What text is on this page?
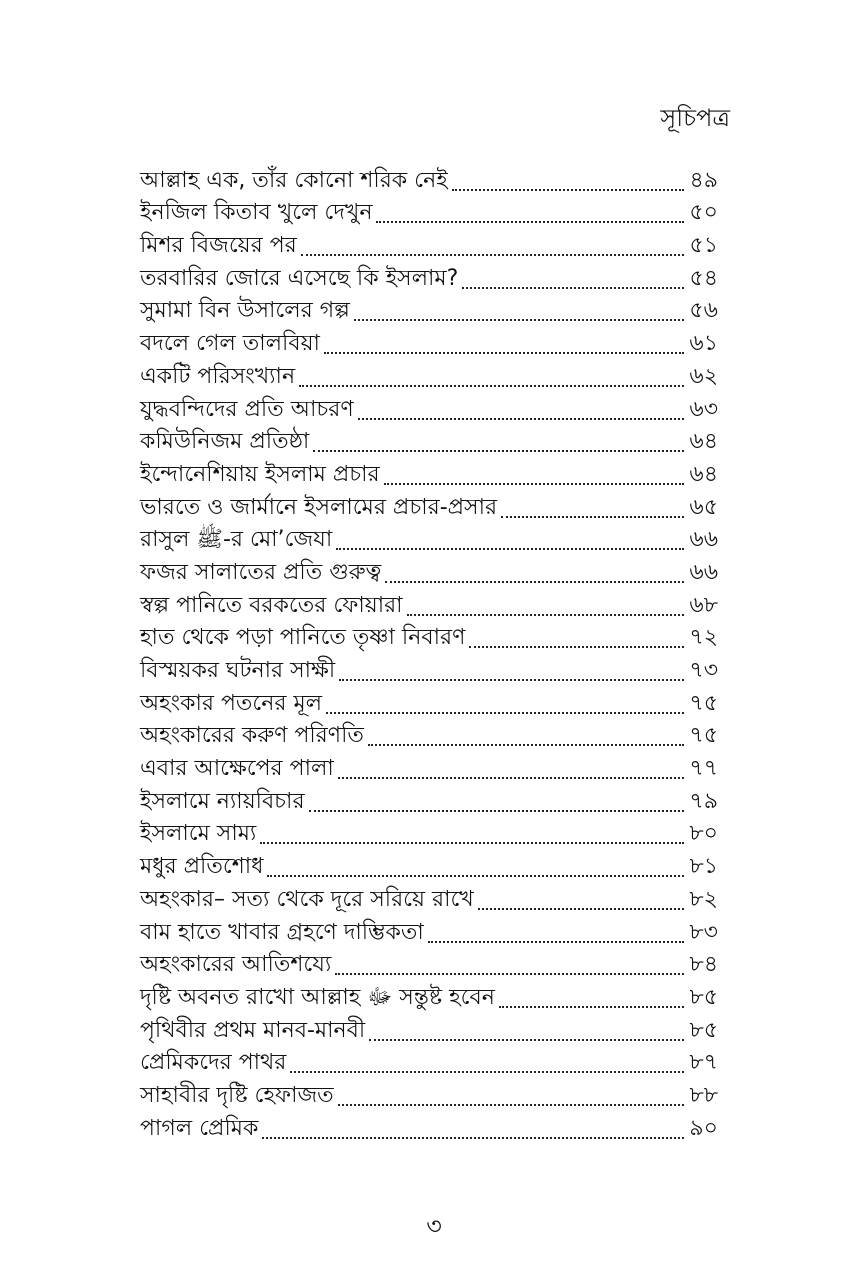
সূচিপত্র
আল্লাহ এক, তাঁর কোনো শরিক নেই	৪৯
ইনজিল কিতাব খুলে দেখুন	৫০
মিশর বিজয়ের পর	৫১
তরবারির জোরে এসেছে কি ইসলাম?	৫৪
সুমামা বিন উসালের গল্প	৫৬
বদলে গেল তালবিয়া	৬১
একটি পরিসংখ্যান	৬২
যুদ্ধবন্দিদের প্রতি আচরণ	৬৩
কমিউনিজম প্রতিষ্ঠা	৬৪
ইন্দোনেশিয়ায় ইসলাম প্রচার	৬৪
ভারতে ও জার্মানে ইসলামের প্রচার-প্রসার	৬৫
রাসুল ﷺ-র মো’জেযা	৬৬
ফজর সালাতের প্রতি গুরুত্ব	৬৬
স্বল্প পানিতে বরকতের ফোয়ারা	৬৮
হাত থেকে পড়া পানিতে তৃষ্ণা নিবারণ	৭২
বিস্ময়কর ঘটনার সাক্ষী	৭৩
অহংকার পতনের মূল	৭৫
অহংকারের করুণ পরিণতি	৭৫
এবার আক্ষেপের পালা	৭৭
ইসলামে ন্যায়বিচার	৭৯
ইসলামে সাম্য	৮০
মধুর প্রতিশোধ	৮১
অহংকার– সত্য থেকে দূরে সরিয়ে রাখে	৮২
বাম হাতে খাবার গ্রহণে দাম্ভিকতা	৮৩
অহংকারের আতিশয্যে	৮৪
দৃষ্টি অবনত রাখো আল্লাহ ﷻ সন্তুষ্ট হবেন	৮৫
পৃথিবীর প্রথম মানব-মানবী	৮৫
প্রেমিকদের পাথর	৮৭
সাহাবীর দৃষ্টি হেফাজত	৮৮
পাগল প্রেমিক	৯০
৩
